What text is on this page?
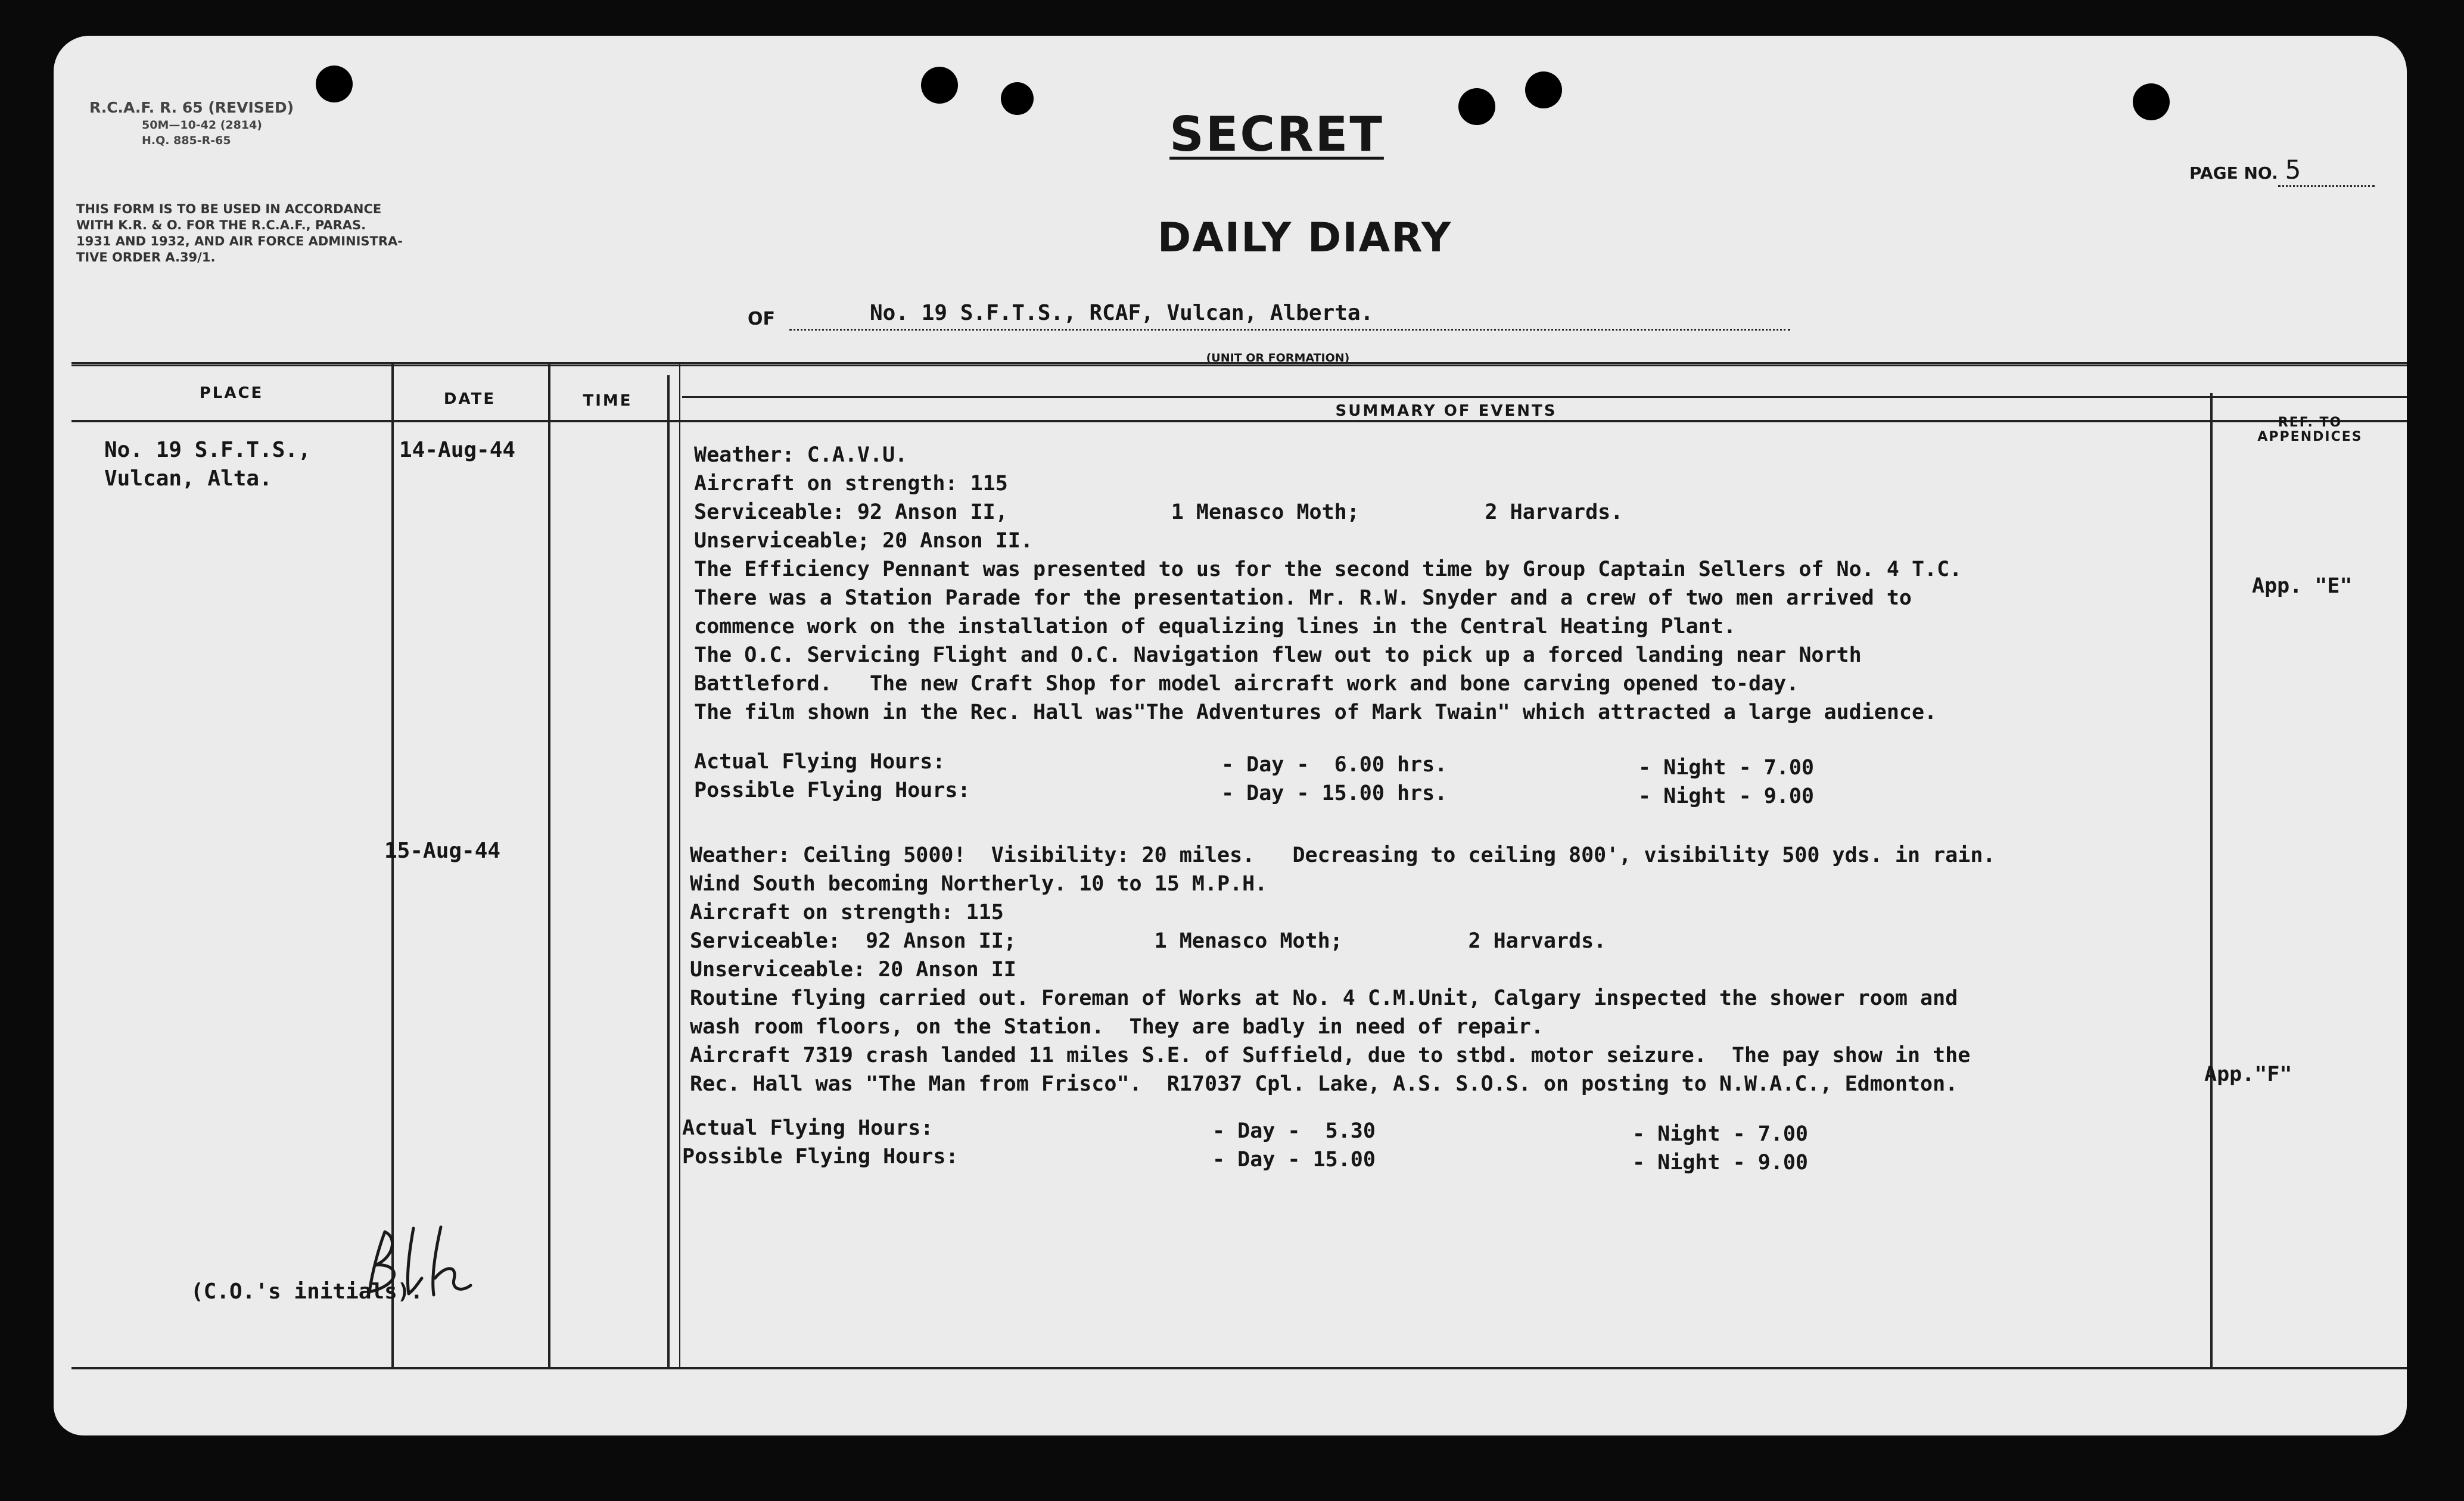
R.C.A.F. R. 65 (REVISED)
50M—10-42 (2814)
H.Q. 885-R-65	SECRET
PAGE NO. 5
THIS FORM IS TO BE USED IN ACCORDANCE
WITH K.R. & O. FOR THE R.C.A.F., PARAS.
1931 AND 1932, AND AIR FORCE ADMINISTRA-
TIVE ORDER A.39/1.	DAILY DIARY
OF	No. 19 S.F.T.S., RCAF, Vulcan, Alberta.
(UNIT OR FORMATION)
PLACE	DATE	TIME
SUMMARY OF EVENTS
REF. TO
APPENDICES
No. 19 S.F.T.S.,
Vulcan, Alta.
14-Aug-44	Weather: C.A.V.U.
Aircraft on strength: 115
Serviceable: 92 Anson II,             1 Menasco Moth;          2 Harvards.
Unserviceable; 20 Anson II.
The Efficiency Pennant was presented to us for the second time by Group Captain Sellers of No. 4 T.C.
There was a Station Parade for the presentation. Mr. R.W. Snyder and a crew of two men arrived to
commence work on the installation of equalizing lines in the Central Heating Plant.
The O.C. Servicing Flight and O.C. Navigation flew out to pick up a forced landing near North
Battleford.   The new Craft Shop for model aircraft work and bone carving opened to-day.
The film shown in the Rec. Hall was"The Adventures of Mark Twain" which attracted a large audience.
Actual Flying Hours:	- Day -  6.00 hrs.	- Night - 7.00
Possible Flying Hours:	- Day - 15.00 hrs.	- Night - 9.00
App. "E"
15-Aug-44	Weather: Ceiling 5000!  Visibility: 20 miles.   Decreasing to ceiling 800', visibility 500 yds. in rain.
Wind South becoming Northerly. 10 to 15 M.P.H.
Aircraft on strength: 115
Serviceable:  92 Anson II;           1 Menasco Moth;          2 Harvards.
Unserviceable: 20 Anson II
Routine flying carried out. Foreman of Works at No. 4 C.M.Unit, Calgary inspected the shower room and
wash room floors, on the Station.  They are badly in need of repair.
Aircraft 7319 crash landed 11 miles S.E. of Suffield, due to stbd. motor seizure.  The pay show in the
Rec. Hall was "The Man from Frisco".  R17037 Cpl. Lake, A.S. S.O.S. on posting to N.W.A.C., Edmonton.
Actual Flying Hours:	- Day -  5.30	- Night - 7.00
Possible Flying Hours:	- Day - 15.00	- Night - 9.00
App."F"
(C.O.'s initials).
